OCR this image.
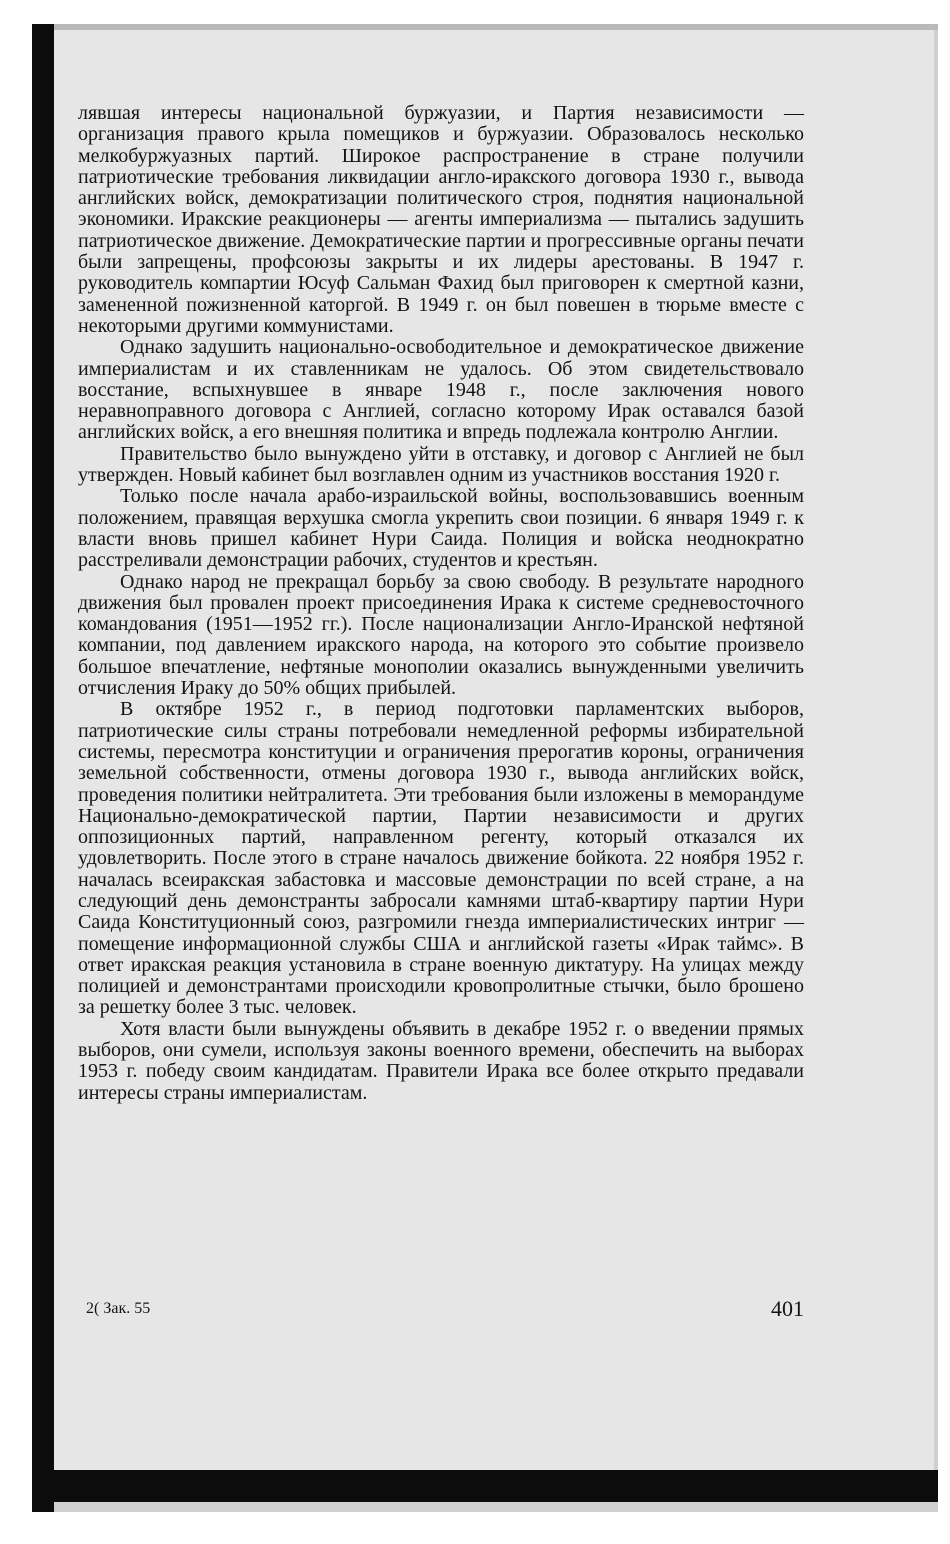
лявшая интересы национальной буржуазии, и Партия независимости — организация правого крыла помещиков и буржуазии. Образовалось несколько мелкобуржуазных партий. Широкое распространение в стране получили патриотические требования ликвидации англо-иракского договора 1930 г., вывода английских войск, демократизации политического строя, поднятия национальной экономики. Иракские реакционеры — агенты империализма — пытались задушить патриотическое движение. Демократические партии и прогрессивные органы печати были запрещены, профсоюзы закрыты и их лидеры арестованы. В 1947 г. руководитель компартии Юсуф Сальман Фахид был приговорен к смертной казни, замененной пожизненной каторгой. В 1949 г. он был повешен в тюрьме вместе с некоторыми другими коммунистами.

Однако задушить национально-освободительное и демократическое движение империалистам и их ставленникам не удалось. Об этом свидетельствовало восстание, вспыхнувшее в январе 1948 г., после заключения нового неравноправного договора с Англией, согласно которому Ирак оставался базой английских войск, а его внешняя политика и впредь подлежала контролю Англии.

Правительство было вынуждено уйти в отставку, и договор с Англией не был утвержден. Новый кабинет был возглавлен одним из участников восстания 1920 г.

Только после начала арабо-израильской войны, воспользовавшись военным положением, правящая верхушка смогла укрепить свои позиции. 6 января 1949 г. к власти вновь пришел кабинет Нури Саида. Полиция и войска неоднократно расстреливали демонстрации рабочих, студентов и крестьян.

Однако народ не прекращал борьбу за свою свободу. В результате народного движения был провален проект присоединения Ирака к системе средневосточного командования (1951—1952 гг.). После национализации Англо-Иранской нефтяной компании, под давлением иракского народа, на которого это событие произвело большое впечатление, нефтяные монополии оказались вынужденными увеличить отчисления Ираку до 50% общих прибылей.

В октябре 1952 г., в период подготовки парламентских выборов, патриотические силы страны потребовали немедленной реформы избирательной системы, пересмотра конституции и ограничения прерогатив короны, ограничения земельной собственности, отмены договора 1930 г., вывода английских войск, проведения политики нейтралитета. Эти требования были изложены в меморандуме Национально-демократической партии, Партии независимости и других оппозиционных партий, направленном регенту, который отказался их удовлетворить. После этого в стране началось движение бойкота. 22 ноября 1952 г. началась всеиракская забастовка и массовые демонстрации по всей стране, а на следующий день демонстранты забросали камнями штаб-квартиру партии Нури Саида Конституционный союз, разгромили гнезда империалистических интриг — помещение информационной службы США и английской газеты «Ирак таймс». В ответ иракская реакция установила в стране военную диктатуру. На улицах между полицией и демонстрантами происходили кровопролитные стычки, было брошено за решетку более 3 тыс. человек.

Хотя власти были вынуждены объявить в декабре 1952 г. о введении прямых выборов, они сумели, используя законы военного времени, обеспечить на выборах 1953 г. победу своим кандидатам. Правители Ирака все более открыто предавали интересы страны империалистам.

2( Зак. 55	401
